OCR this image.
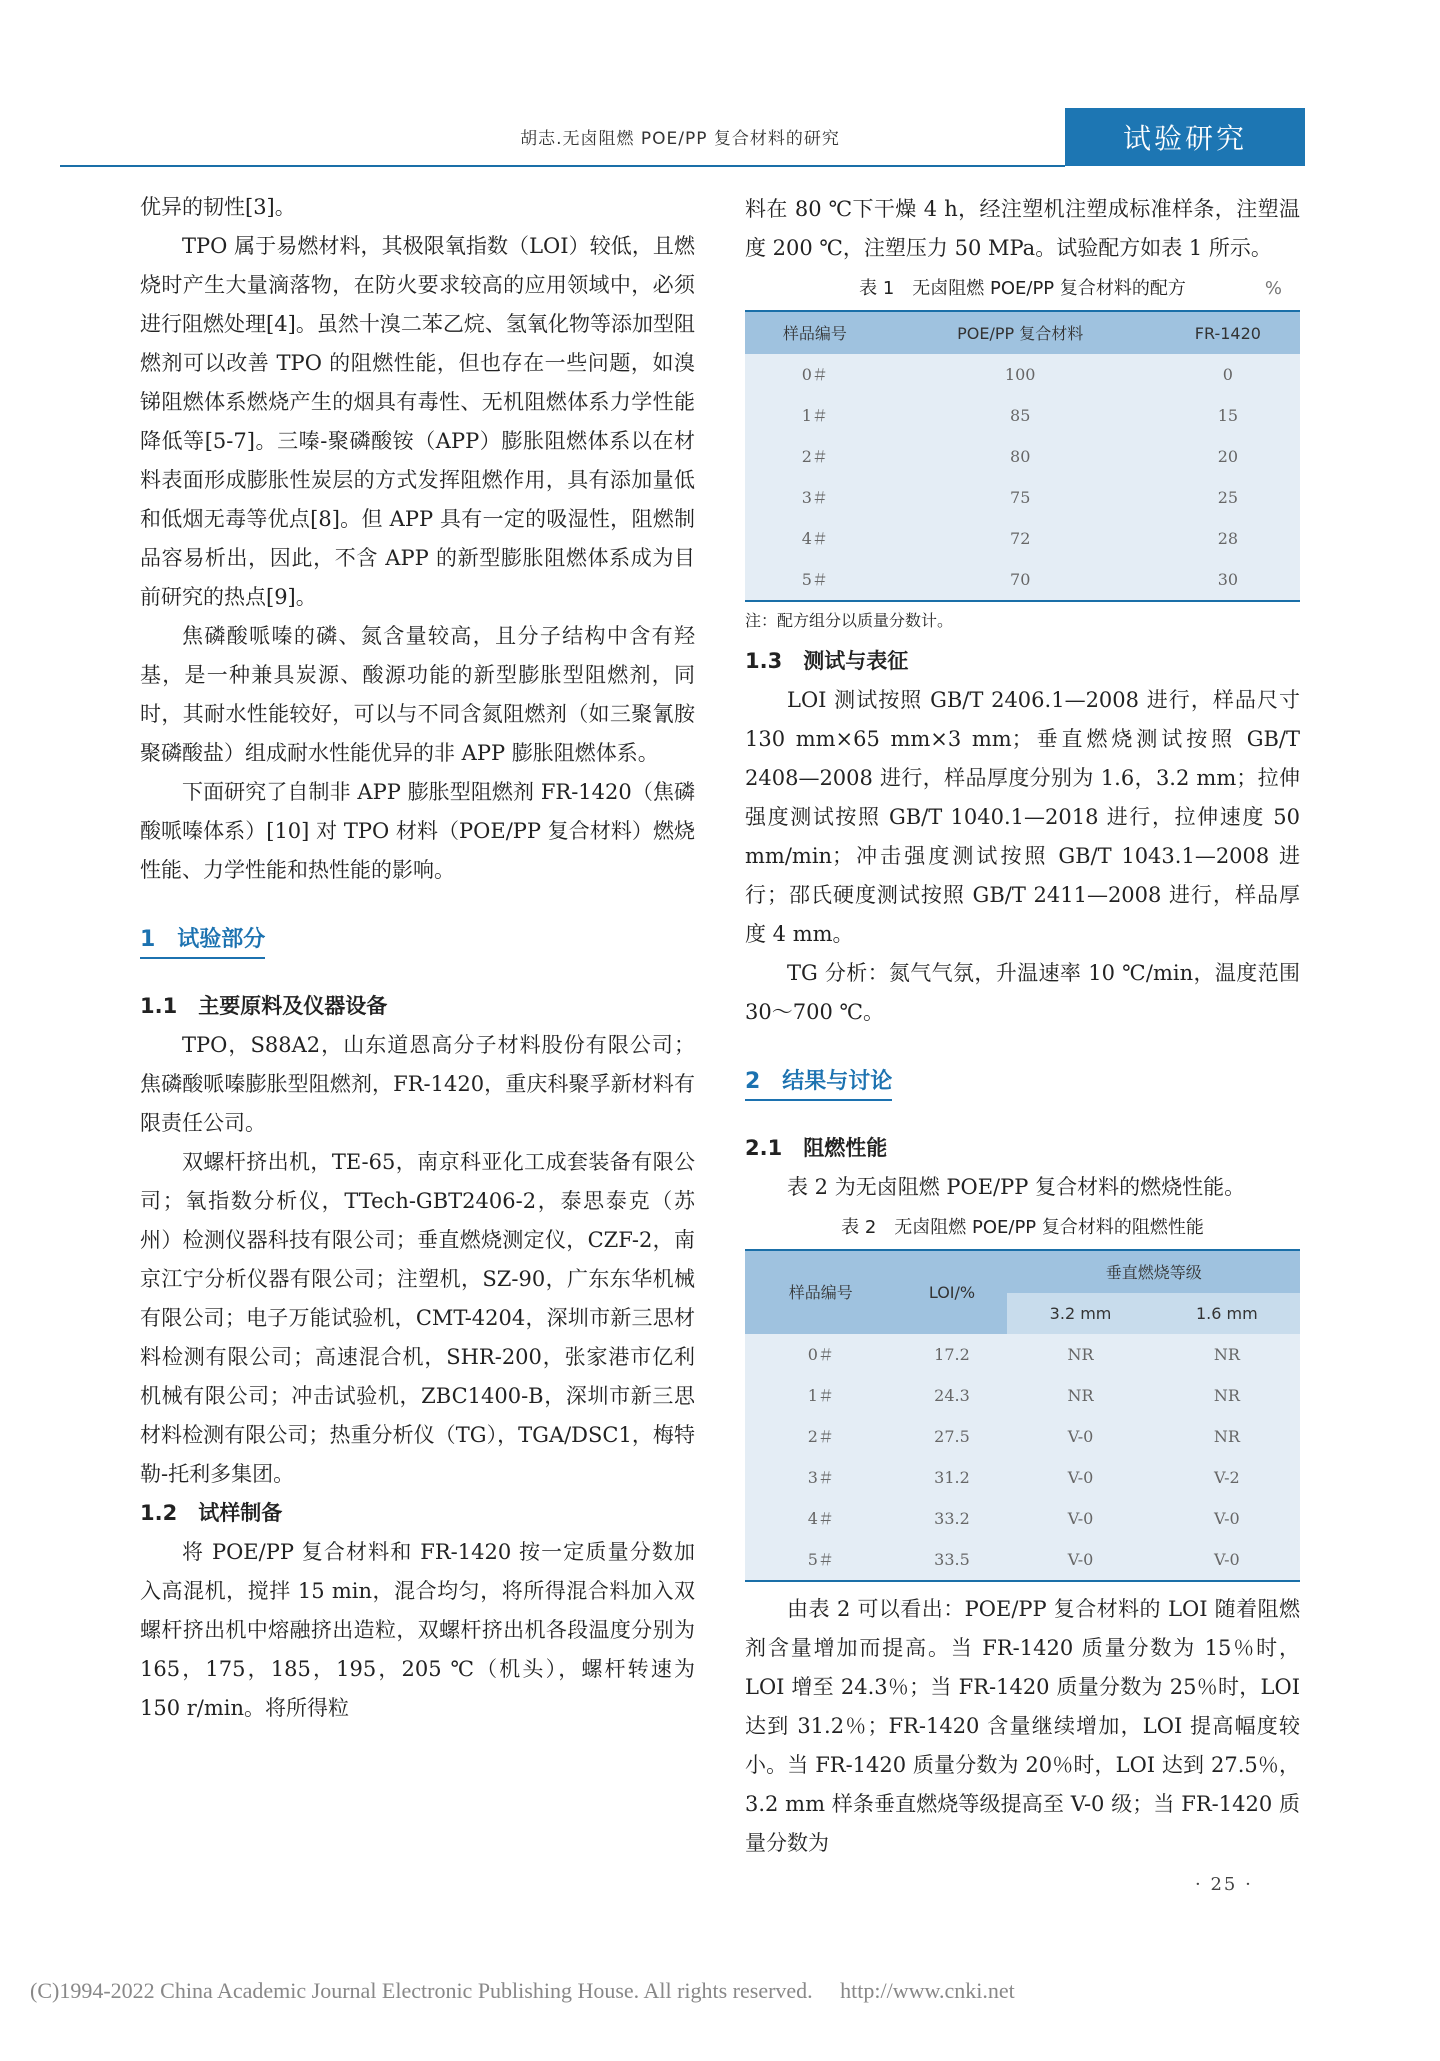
胡志.无卤阻燃 POE/PP 复合材料的研究	试验研究

优异的韧性[3]。

TPO 属于易燃材料，其极限氧指数（LOI）较低，且燃烧时产生大量滴落物，在防火要求较高的应用领域中，必须进行阻燃处理[4]。虽然十溴二苯乙烷、氢氧化物等添加型阻燃剂可以改善 TPO 的阻燃性能，但也存在一些问题，如溴锑阻燃体系燃烧产生的烟具有毒性、无机阻燃体系力学性能降低等[5-7]。三嗪-聚磷酸铵（APP）膨胀阻燃体系以在材料表面形成膨胀性炭层的方式发挥阻燃作用，具有添加量低和低烟无毒等优点[8]。但 APP 具有一定的吸湿性，阻燃制品容易析出，因此，不含 APP 的新型膨胀阻燃体系成为目前研究的热点[9]。

焦磷酸哌嗪的磷、氮含量较高，且分子结构中含有羟基，是一种兼具炭源、酸源功能的新型膨胀型阻燃剂，同时，其耐水性能较好，可以与不同含氮阻燃剂（如三聚氰胺聚磷酸盐）组成耐水性能优异的非 APP 膨胀阻燃体系。

下面研究了自制非 APP 膨胀型阻燃剂 FR-1420（焦磷酸哌嗪体系）[10] 对 TPO 材料（POE/PP 复合材料）燃烧性能、力学性能和热性能的影响。

1　试验部分
1.1　主要原料及仪器设备

TPO，S88A2，山东道恩高分子材料股份有限公司；焦磷酸哌嗪膨胀型阻燃剂，FR-1420，重庆科聚孚新材料有限责任公司。

双螺杆挤出机，TE-65，南京科亚化工成套装备有限公司；氧指数分析仪，TTech-GBT2406-2，泰思泰克（苏州）检测仪器科技有限公司；垂直燃烧测定仪，CZF-2，南京江宁分析仪器有限公司；注塑机，SZ-90，广东东华机械有限公司；电子万能试验机，CMT-4204，深圳市新三思材料检测有限公司；高速混合机，SHR-200，张家港市亿利机械有限公司；冲击试验机，ZBC1400-B，深圳市新三思材料检测有限公司；热重分析仪（TG），TGA/DSC1，梅特勒-托利多集团。

1.2　试样制备

将 POE/PP 复合材料和 FR-1420 按一定质量分数加入高混机，搅拌 15 min，混合均匀，将所得混合料加入双螺杆挤出机中熔融挤出造粒，双螺杆挤出机各段温度分别为 165，175，185，195，205 ℃（机头），螺杆转速为 150 r/min。将所得粒

料在 80 ℃下干燥 4 h，经注塑机注塑成标准样条，注塑温度 200 ℃，注塑压力 50 MPa。试验配方如表 1 所示。

表 1　无卤阻燃 POE/PP 复合材料的配方	%
样品编号	POE/PP 复合材料	FR-1420
0＃	100	0
1＃	85	15
2＃	80	20
3＃	75	25
4＃	72	28
5＃	70	30
注：配方组分以质量分数计。
1.3　测试与表征

LOI 测试按照 GB/T 2406.1—2008 进行，样品尺寸 130 mm×65 mm×3 mm；垂直燃烧测试按照 GB/T 2408—2008 进行，样品厚度分别为 1.6，3.2 mm；拉伸强度测试按照 GB/T 1040.1—2018 进行，拉伸速度 50 mm/min；冲击强度测试按照 GB/T 1043.1—2008 进行；邵氏硬度测试按照 GB/T 2411—2008 进行，样品厚度 4 mm。

TG 分析：氮气气氛，升温速率 10 ℃/min，温度范围 30～700 ℃。

2　结果与讨论
2.1　阻燃性能

表 2 为无卤阻燃 POE/PP 复合材料的燃烧性能。

表 2　无卤阻燃 POE/PP 复合材料的阻燃性能
样品编号	LOI/%	垂直燃烧等级	
		3.2 mm	1.6 mm
0＃	17.2	NR	NR
1＃	24.3	NR	NR
2＃	27.5	V-0	NR
3＃	31.2	V-0	V-2
4＃	33.2	V-0	V-0
5＃	33.5	V-0	V-0

由表 2 可以看出：POE/PP 复合材料的 LOI 随着阻燃剂含量增加而提高。当 FR-1420 质量分数为 15％时，LOI 增至 24.3％；当 FR-1420 质量分数为 25％时，LOI 达到 31.2％；FR-1420 含量继续增加，LOI 提高幅度较小。当 FR-1420 质量分数为 20％时，LOI 达到 27.5％，3.2 mm 样条垂直燃烧等级提高至 V-0 级；当 FR-1420 质量分数为

· 25 ·
(C)1994-2022 China Academic Journal Electronic Publishing House. All rights reserved.　 http://www.cnki.net
